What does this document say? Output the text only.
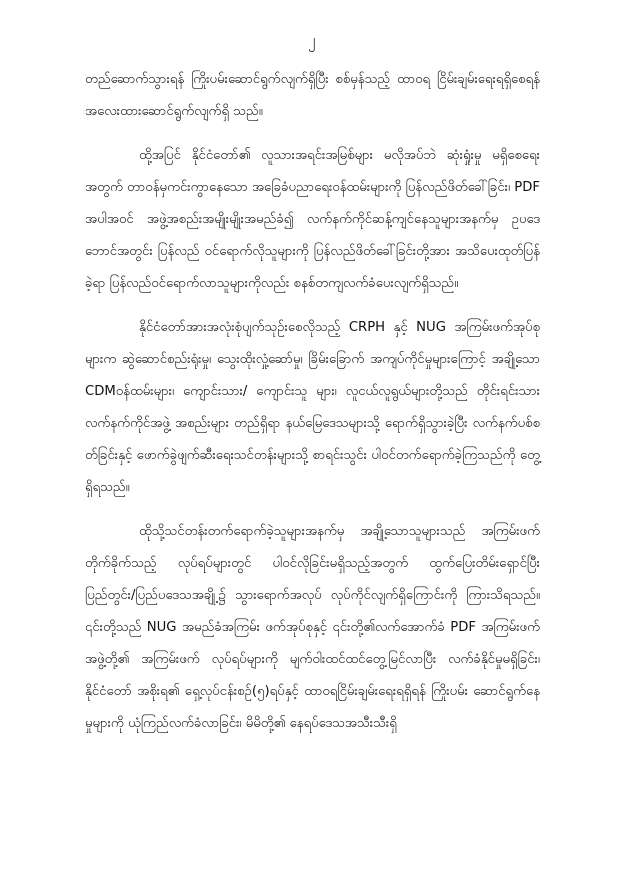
၂

တည်ဆောက်သွားရန် ကြိုးပမ်းဆောင်ရွက်လျက်ရှိပြီး စစ်မှန်သည့် ထာဝရ ငြိမ်းချမ်းရေးရရှိစေရန် အလေးထားဆောင်ရွက်လျက်ရှိ သည်။

ထို့အပြင် နိုင်ငံတော်၏ လူသားအရင်းအမြစ်များ မလိုအပ်ဘဲ ဆုံးရှုံးမှု မရှိစေရေးအတွက် တာဝန်မှကင်းကွာနေသော အခြေခံပညာရေးဝန်ထမ်းများကို ပြန်လည်ဖိတ်ခေါ်ခြင်း၊ PDF အပါအဝင် အဖွဲ့အစည်းအမျိုးမျိုးအမည်ခံ၍ လက်နက်ကိုင်ဆန့်ကျင်နေသူများအနက်မှ ဥပဒေဘောင်အတွင်း ပြန်လည် ဝင်ရောက်လိုသူများကို ပြန်လည်ဖိတ်ခေါ်ခြင်းတို့အား အသိပေးထုတ်ပြန်ခဲ့ရာ ပြန်လည်ဝင်ရောက်လာသူများကိုလည်း စနစ်တကျလက်ခံပေးလျက်ရှိသည်။

နိုင်ငံတော်အားအလုံးစုံပျက်သုဉ်းစေလိုသည့် CRPH နှင့် NUG အကြမ်းဖက်အုပ်စုများက ဆွဲဆောင်စည်းရုံးမှု၊ သွေးထိုးလှုံ့ဆော်မှု၊ ခြိမ်းခြောက် အကျပ်ကိုင်မှုများကြောင့် အချို့သော CDMဝန်ထမ်းများ၊ ကျောင်းသား/ ကျောင်းသူ များ၊ လူငယ်လူရွယ်များတို့သည် တိုင်းရင်းသား လက်နက်ကိုင်အဖွဲ့ အစည်းများ တည်ရှိရာ နယ်မြေဒေသများသို့ ရောက်ရှိသွားခဲ့ပြီး လက်နက်ပစ်စတ်ခြင်းနှင့် ဖောက်ခွဲဖျက်ဆီးရေးသင်တန်းများသို့ စာရင်းသွင်း ပါဝင်တက်ရောက်ခဲ့ကြသည်ကို တွေ့ရှိရသည်။

ထိုသို့သင်တန်းတက်ရောက်ခဲ့သူများအနက်မှ အချို့သောသူများသည် အကြမ်းဖက် တိုက်ခိုက်သည့် လုပ်ရပ်များတွင် ပါဝင်လိုခြင်းမရှိသည့်အတွက် ထွက်ပြေးတိမ်းရှောင်ပြီး ပြည်တွင်း/ပြည်ပဒေသအချို့၌ သွားရောက်အလုပ် လုပ်ကိုင်လျက်ရှိကြောင်းကို ကြားသိရသည်။ ၎င်းတို့သည် NUG အမည်ခံအကြမ်း ဖက်အုပ်စုနှင့် ၎င်းတို့၏လက်အောက်ခံ PDF အကြမ်းဖက်အဖွဲ့တို့၏ အကြမ်းဖက် လုပ်ရပ်များကို မျက်ဝါးထင်ထင်တွေ့မြင်လာပြီး လက်ခံနိုင်မှုမရှိခြင်း၊ နိုင်ငံတော် အစိုးရ၏ ရှေ့လုပ်ငန်းစဉ်(၅)ရပ်နှင့် ထာဝရငြိမ်းချမ်းရေးရရှိရန် ကြိုးပမ်း ဆောင်ရွက်နေမှုများကို ယုံကြည်လက်ခံလာခြင်း၊ မိမိတို့၏ နေရပ်ဒေသအသီးသီးရှိ
